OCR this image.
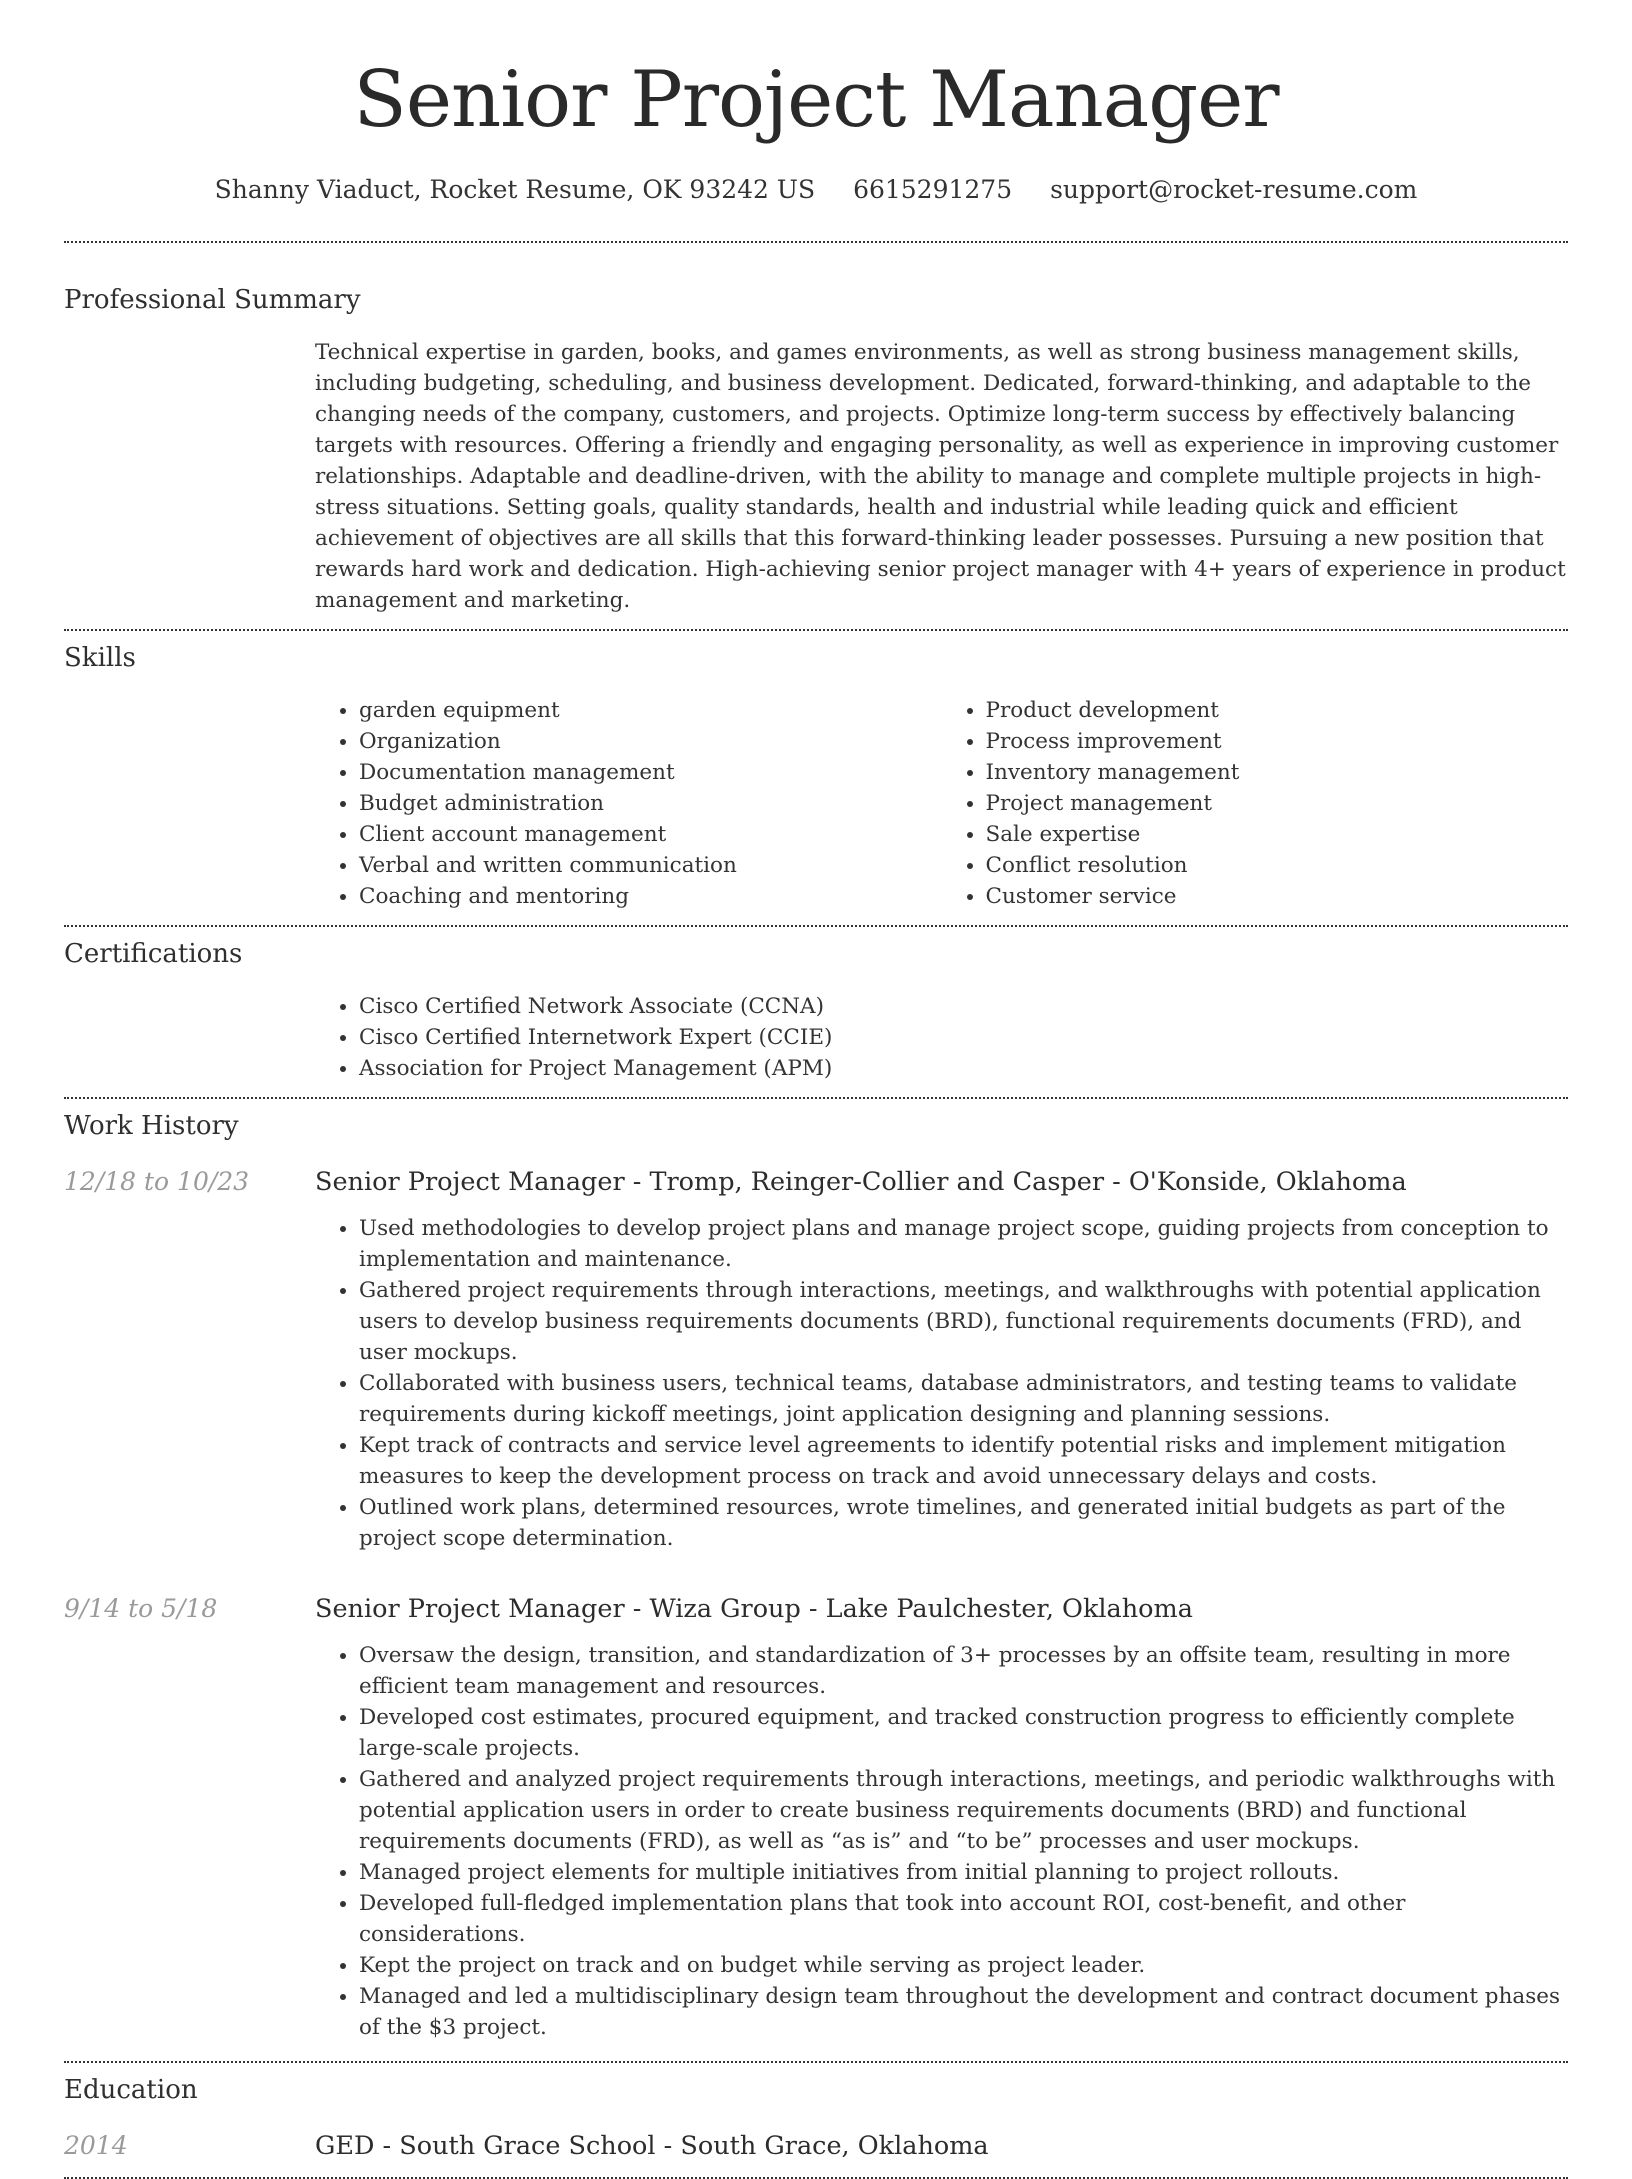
Senior Project Manager
Shanny Viaduct, Rocket Resume, OK 93242 US 6615291275 support@rocket-resume.com
Professional Summary
Technical expertise in garden, books, and games environments, as well as strong business management skills, including budgeting, scheduling, and business development. Dedicated, forward-thinking, and adaptable to the changing needs of the company, customers, and projects. Optimize long-term success by effectively balancing targets with resources. Offering a friendly and engaging personality, as well as experience in improving customer relationships. Adaptable and deadline-driven, with the ability to manage and complete multiple projects in high-stress situations. Setting goals, quality standards, health and industrial while leading quick and efficient achievement of objectives are all skills that this forward-thinking leader possesses. Pursuing a new position that rewards hard work and dedication. High-achieving senior project manager with 4+ years of experience in product management and marketing.
Skills
• garden equipment
• Organization
• Documentation management
• Budget administration
• Client account management
• Verbal and written communication
• Coaching and mentoring
• Product development
• Process improvement
• Inventory management
• Project management
• Sale expertise
• Conflict resolution
• Customer service
Certifications
• Cisco Certified Network Associate (CCNA)
• Cisco Certified Internetwork Expert (CCIE)
• Association for Project Management (APM)
Work History
12/18 to 10/23	Senior Project Manager - Tromp, Reinger-Collier and Casper - O'Konside, Oklahoma
• Used methodologies to develop project plans and manage project scope, guiding projects from conception to implementation and maintenance.
• Gathered project requirements through interactions, meetings, and walkthroughs with potential application users to develop business requirements documents (BRD), functional requirements documents (FRD), and user mockups.
• Collaborated with business users, technical teams, database administrators, and testing teams to validate requirements during kickoff meetings, joint application designing and planning sessions.
• Kept track of contracts and service level agreements to identify potential risks and implement mitigation measures to keep the development process on track and avoid unnecessary delays and costs.
• Outlined work plans, determined resources, wrote timelines, and generated initial budgets as part of the project scope determination.
9/14 to 5/18	Senior Project Manager - Wiza Group - Lake Paulchester, Oklahoma
• Oversaw the design, transition, and standardization of 3+ processes by an offsite team, resulting in more efficient team management and resources.
• Developed cost estimates, procured equipment, and tracked construction progress to efficiently complete large-scale projects.
• Gathered and analyzed project requirements through interactions, meetings, and periodic walkthroughs with potential application users in order to create business requirements documents (BRD) and functional requirements documents (FRD), as well as “as is” and “to be” processes and user mockups.
• Managed project elements for multiple initiatives from initial planning to project rollouts.
• Developed full-fledged implementation plans that took into account ROI, cost-benefit, and other considerations.
• Kept the project on track and on budget while serving as project leader.
• Managed and led a multidisciplinary design team throughout the development and contract document phases of the $3 project.
Education
2014	GED - South Grace School - South Grace, Oklahoma
